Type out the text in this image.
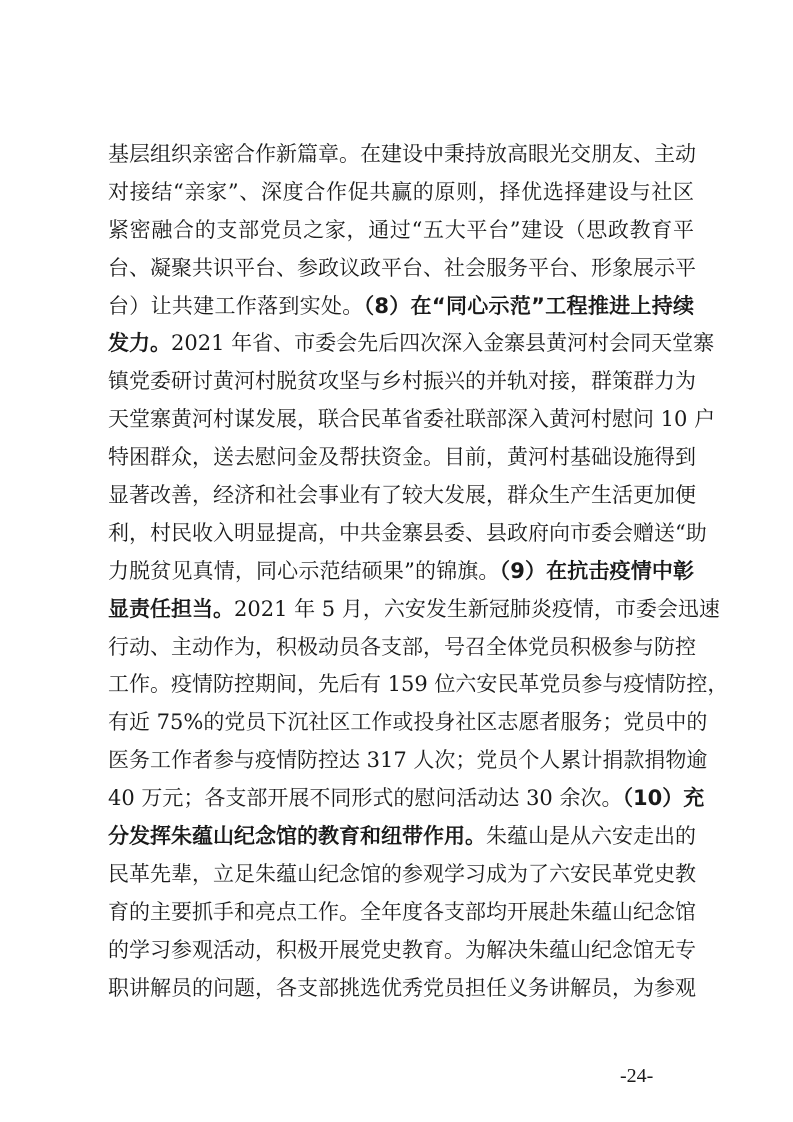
基层组织亲密合作新篇章。在建设中秉持放高眼光交朋友、主动
对接结“亲家”、深度合作促共赢的原则，择优选择建设与社区
紧密融合的支部党员之家，通过“五大平台”建设（思政教育平
台、凝聚共识平台、参政议政平台、社会服务平台、形象展示平
台）让共建工作落到实处。（8）在“同心示范”工程推进上持续
发力。2021 年省、市委会先后四次深入金寨县黄河村会同天堂寨
镇党委研讨黄河村脱贫攻坚与乡村振兴的并轨对接，群策群力为
天堂寨黄河村谋发展，联合民革省委社联部深入黄河村慰问 10 户
特困群众，送去慰问金及帮扶资金。目前，黄河村基础设施得到
显著改善，经济和社会事业有了较大发展，群众生产生活更加便
利，村民收入明显提高，中共金寨县委、县政府向市委会赠送“助
力脱贫见真情，同心示范结硕果”的锦旗。（9）在抗击疫情中彰
显责任担当。2021 年 5 月，六安发生新冠肺炎疫情，市委会迅速
行动、主动作为，积极动员各支部，号召全体党员积极参与防控
工作。疫情防控期间，先后有 159 位六安民革党员参与疫情防控，
有近 75%的党员下沉社区工作或投身社区志愿者服务；党员中的
医务工作者参与疫情防控达 317 人次；党员个人累计捐款捐物逾
40 万元；各支部开展不同形式的慰问活动达 30 余次。（10）充
分发挥朱蕴山纪念馆的教育和纽带作用。朱蕴山是从六安走出的
民革先辈，立足朱蕴山纪念馆的参观学习成为了六安民革党史教
育的主要抓手和亮点工作。全年度各支部均开展赴朱蕴山纪念馆
的学习参观活动，积极开展党史教育。为解决朱蕴山纪念馆无专
职讲解员的问题，各支部挑选优秀党员担任义务讲解员，为参观
-24-
